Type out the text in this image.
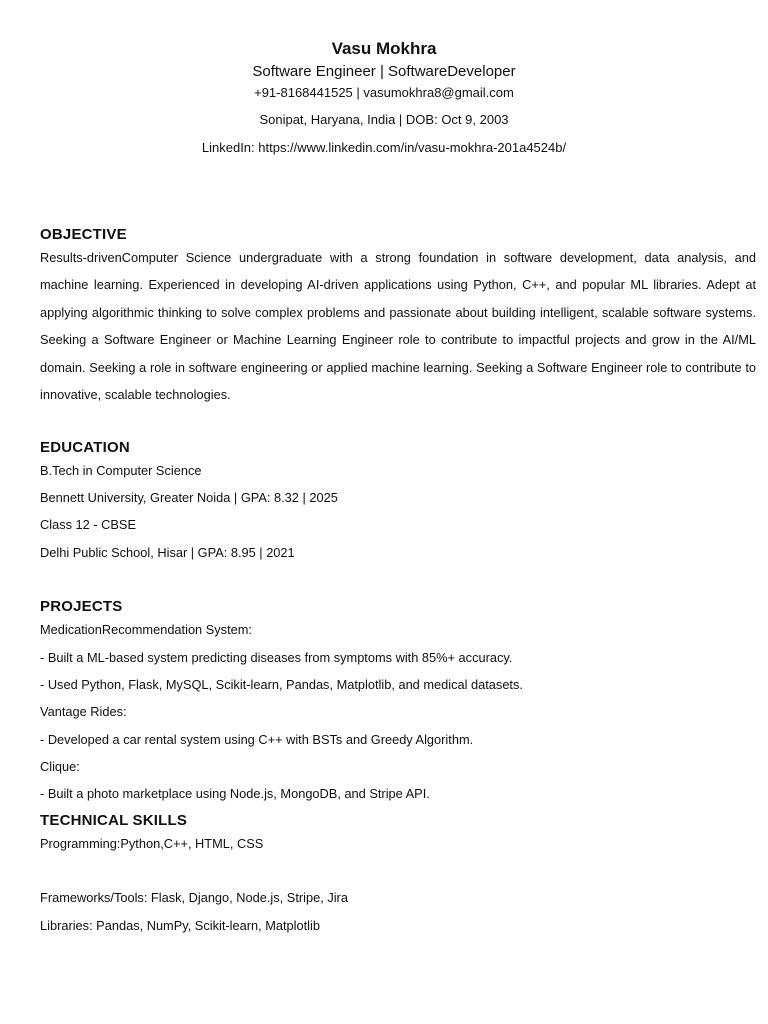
Vasu Mokhra

Software Engineer | SoftwareDeveloper

+91-8168441525 | vasumokhra8@gmail.com

Sonipat, Haryana, India | DOB: Oct 9, 2003

LinkedIn: https://www.linkedin.com/in/vasu-mokhra-201a4524b/

OBJECTIVE

Results-drivenComputer Science undergraduate with a strong foundation in software development, data analysis, and machine learning. Experienced in developing AI-driven applications using Python, C++, and popular ML libraries. Adept at applying algorithmic thinking to solve complex problems and passionate about building intelligent, scalable software systems. Seeking a Software Engineer or Machine Learning Engineer role to contribute to impactful projects and grow in the AI/ML domain. Seeking a role in software engineering or applied machine learning. Seeking a Software Engineer role to contribute to innovative, scalable technologies.

EDUCATION

B.Tech in Computer Science

Bennett University, Greater Noida | GPA: 8.32 | 2025

Class 12 - CBSE

Delhi Public School, Hisar | GPA: 8.95 | 2021

PROJECTS

MedicationRecommendation System:

- Built a ML-based system predicting diseases from symptoms with 85%+ accuracy.

- Used Python, Flask, MySQL, Scikit-learn, Pandas, Matplotlib, and medical datasets.

Vantage Rides:

- Developed a car rental system using C++ with BSTs and Greedy Algorithm.

Clique:

- Built a photo marketplace using Node.js, MongoDB, and Stripe API.

TECHNICAL SKILLS

Programming:Python,C++, HTML, CSS

Frameworks/Tools: Flask, Django, Node.js, Stripe, Jira

Libraries: Pandas, NumPy, Scikit-learn, Matplotlib
